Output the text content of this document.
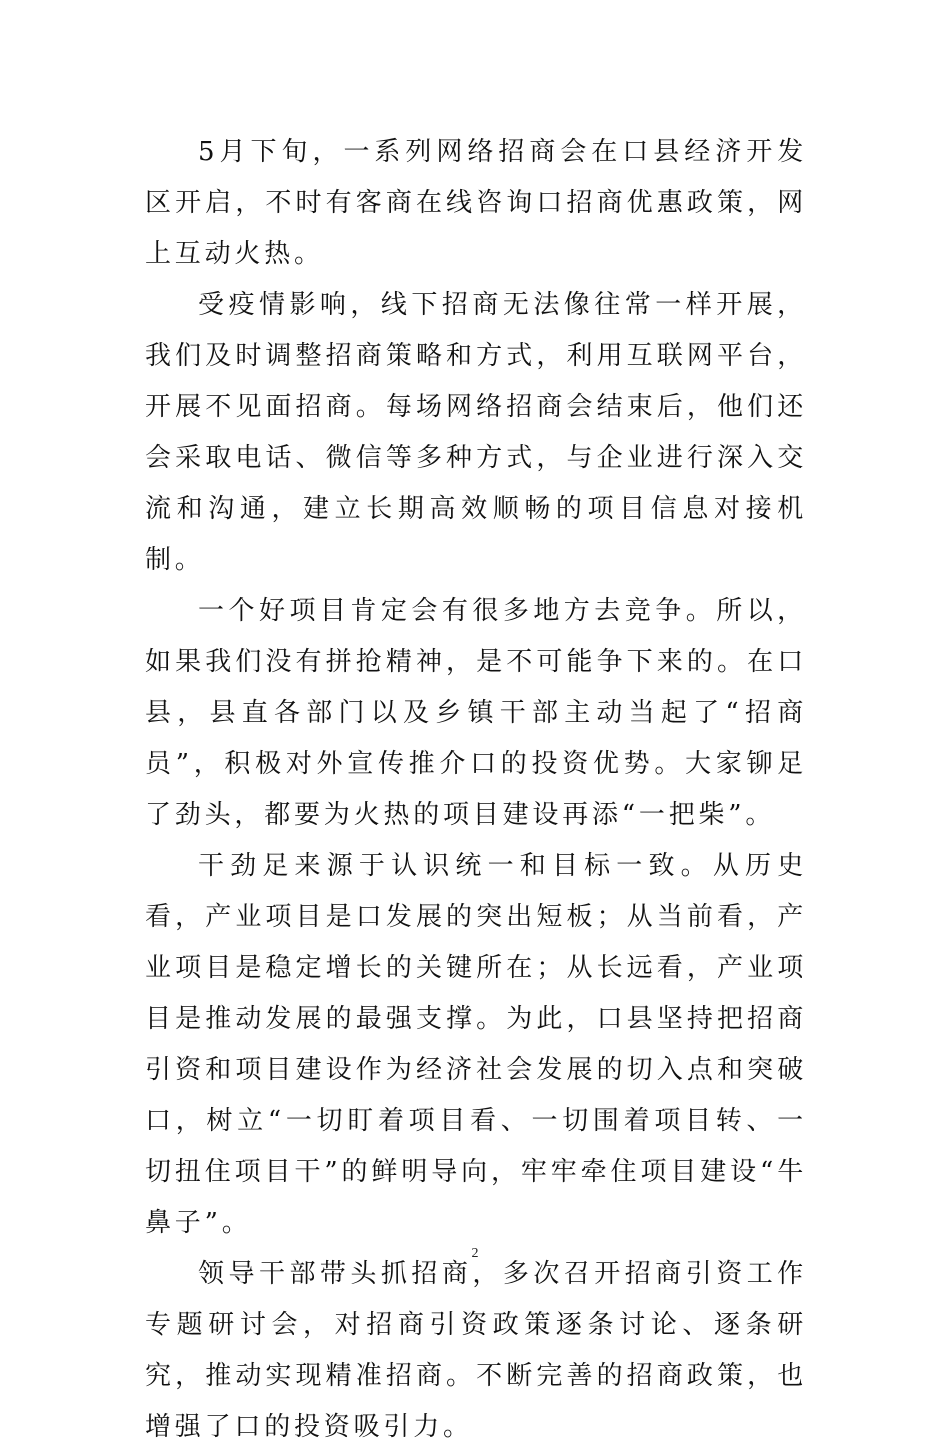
5月下旬，一系列网络招商会在口县经济开发区开启，不时有客商在线咨询口招商优惠政策，网上互动火热。

受疫情影响，线下招商无法像往常一样开展，我们及时调整招商策略和方式，利用互联网平台，开展不见面招商。每场网络招商会结束后，他们还会采取电话、微信等多种方式，与企业进行深入交流和沟通，建立长期高效顺畅的项目信息对接机制。

一个好项目肯定会有很多地方去竞争。所以，如果我们没有拼抢精神，是不可能争下来的。在口县，县直各部门以及乡镇干部主动当起了“招商员”，积极对外宣传推介口的投资优势。大家铆足了劲头，都要为火热的项目建设再添“一把柴”。

干劲足来源于认识统一和目标一致。从历史看，产业项目是口发展的突出短板；从当前看，产业项目是稳定增长的关键所在；从长远看，产业项目是推动发展的最强支撑。为此，口县坚持把招商引资和项目建设作为经济社会发展的切入点和突破口，树立“一切盯着项目看、一切围着项目转、一切扭住项目干”的鲜明导向，牢牢牵住项目建设“牛鼻子”。

领导干部带头抓招商，多次召开招商引资工作专题研讨会，对招商引资政策逐条讨论、逐条研究，推动实现精准招商。不断完善的招商政策，也增强了口的投资吸引力。

2
